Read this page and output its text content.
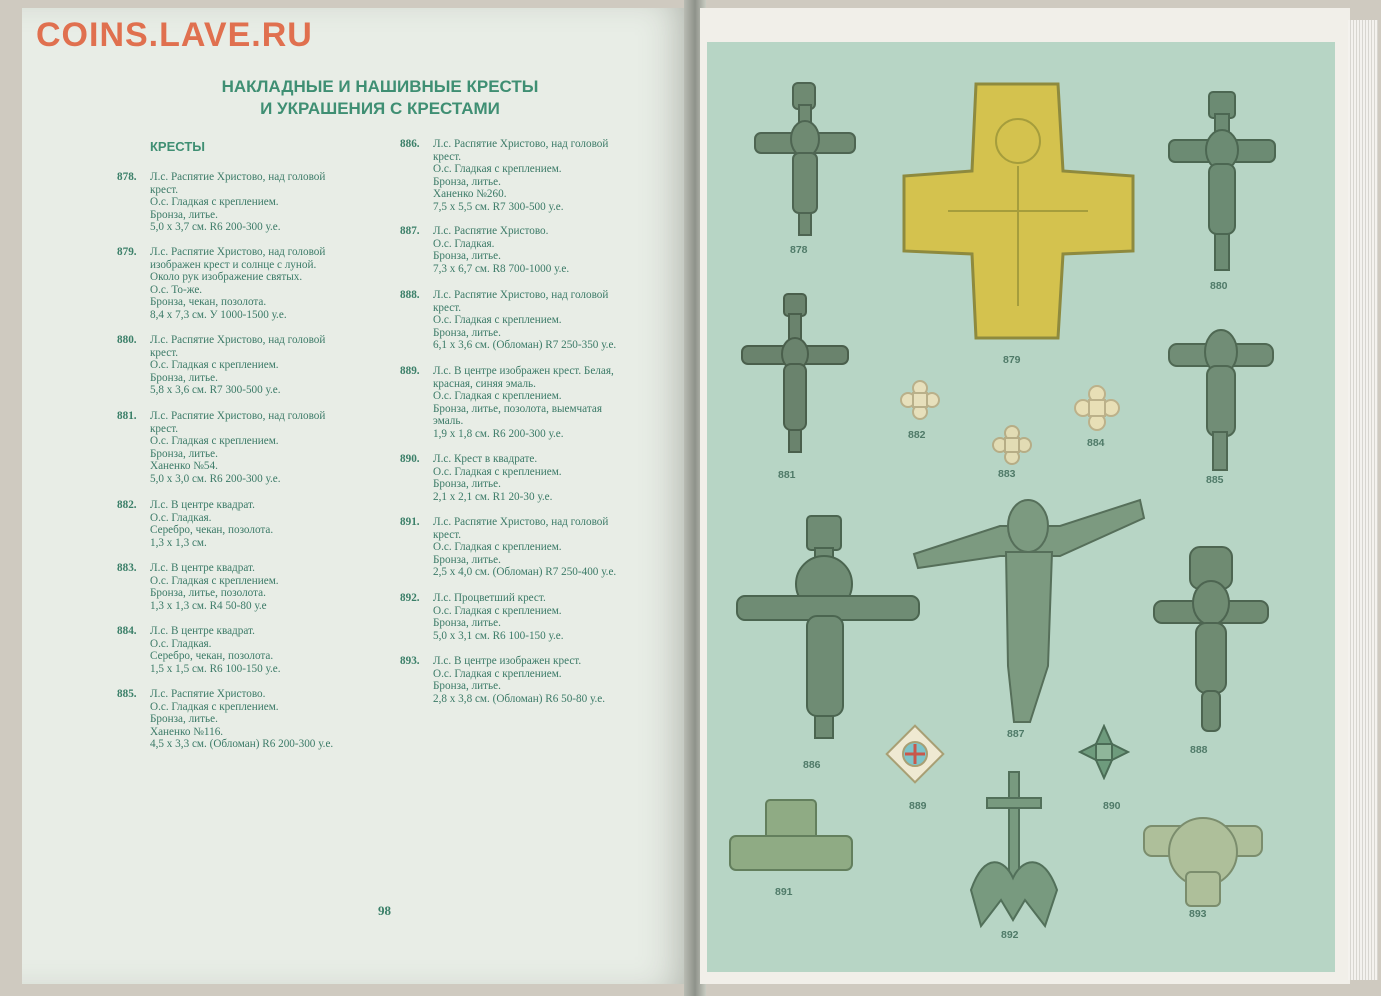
COINS.LAVE.RU
НАКЛАДНЫЕ И НАШИВНЫЕ КРЕСТЫ
И УКРАШЕНИЯ С КРЕСТАМИ
КРЕСТЫ
878. Л.с. Распятие Христово, над головой
крест.
О.с. Гладкая с креплением.
Бронза, литье.
5,0 х 3,7 см. R6 200-300 у.е.
879. Л.с. Распятие Христово, над головой
изображен крест и солнце с луной.
Около рук изображение святых.
О.с. То-же.
Бронза, чекан, позолота.
8,4 х 7,3 см. У 1000-1500 у.е.
880. Л.с. Распятие Христово, над головой
крест.
О.с. Гладкая с креплением.
Бронза, литье.
5,8 х 3,6 см. R7 300-500 у.е.
881. Л.с. Распятие Христово, над головой
крест.
О.с. Гладкая с креплением.
Бронза, литье.
Ханенко №54.
5,0 х 3,0 см. R6 200-300 у.е.
882. Л.с. В центре квадрат.
О.с. Гладкая.
Серебро, чекан, позолота.
1,3 х 1,3 см.
883. Л.с. В центре квадрат.
О.с. Гладкая с креплением.
Бронза, литье, позолота.
1,3 х 1,3 см. R4 50-80 у.е
884. Л.с. В центре квадрат.
О.с. Гладкая.
Серебро, чекан, позолота.
1,5 х 1,5 см. R6 100-150 у.е.
885. Л.с. Распятие Христово.
О.с. Гладкая с креплением.
Бронза, литье.
Ханенко №116.
4,5 х 3,3 см. (Обломан) R6 200-300 у.е.
886. Л.с. Распятие Христово, над головой
крест.
О.с. Гладкая с креплением.
Бронза, литье.
Ханенко №260.
7,5 х 5,5 см. R7 300-500 у.е.
887. Л.с. Распятие Христово.
О.с. Гладкая.
Бронза, литье.
7,3 х 6,7 см. R8 700-1000 у.е.
888. Л.с. Распятие Христово, над головой
крест.
О.с. Гладкая с креплением.
Бронза, литье.
6,1 х 3,6 см. (Обломан) R7 250-350 у.е.
889. Л.с. В центре изображен крест. Белая,
красная, синяя эмаль.
О.с. Гладкая с креплением.
Бронза, литье, позолота, выемчатая
эмаль.
1,9 х 1,8 см. R6 200-300 у.е.
890. Л.с. Крест в квадрате.
О.с. Гладкая с креплением.
Бронза, литье.
2,1 х 2,1 см. R1 20-30 у.е.
891. Л.с. Распятие Христово, над головой
крест.
О.с. Гладкая с креплением.
Бронза, литье.
2,5 х 4,0 см. (Обломан) R7 250-400 у.е.
892. Л.с. Процветший крест.
О.с. Гладкая с креплением.
Бронза, литье.
5,0 х 3,1 см. R6 100-150 у.е.
893. Л.с. В центре изображен крест.
О.с. Гладкая с креплением.
Бронза, литье.
2,8 х 3,8 см. (Обломан) R6 50-80 у.е.
98
878
879
880
881
882
883
884
885
886
887
888
889	890
891
892
893
